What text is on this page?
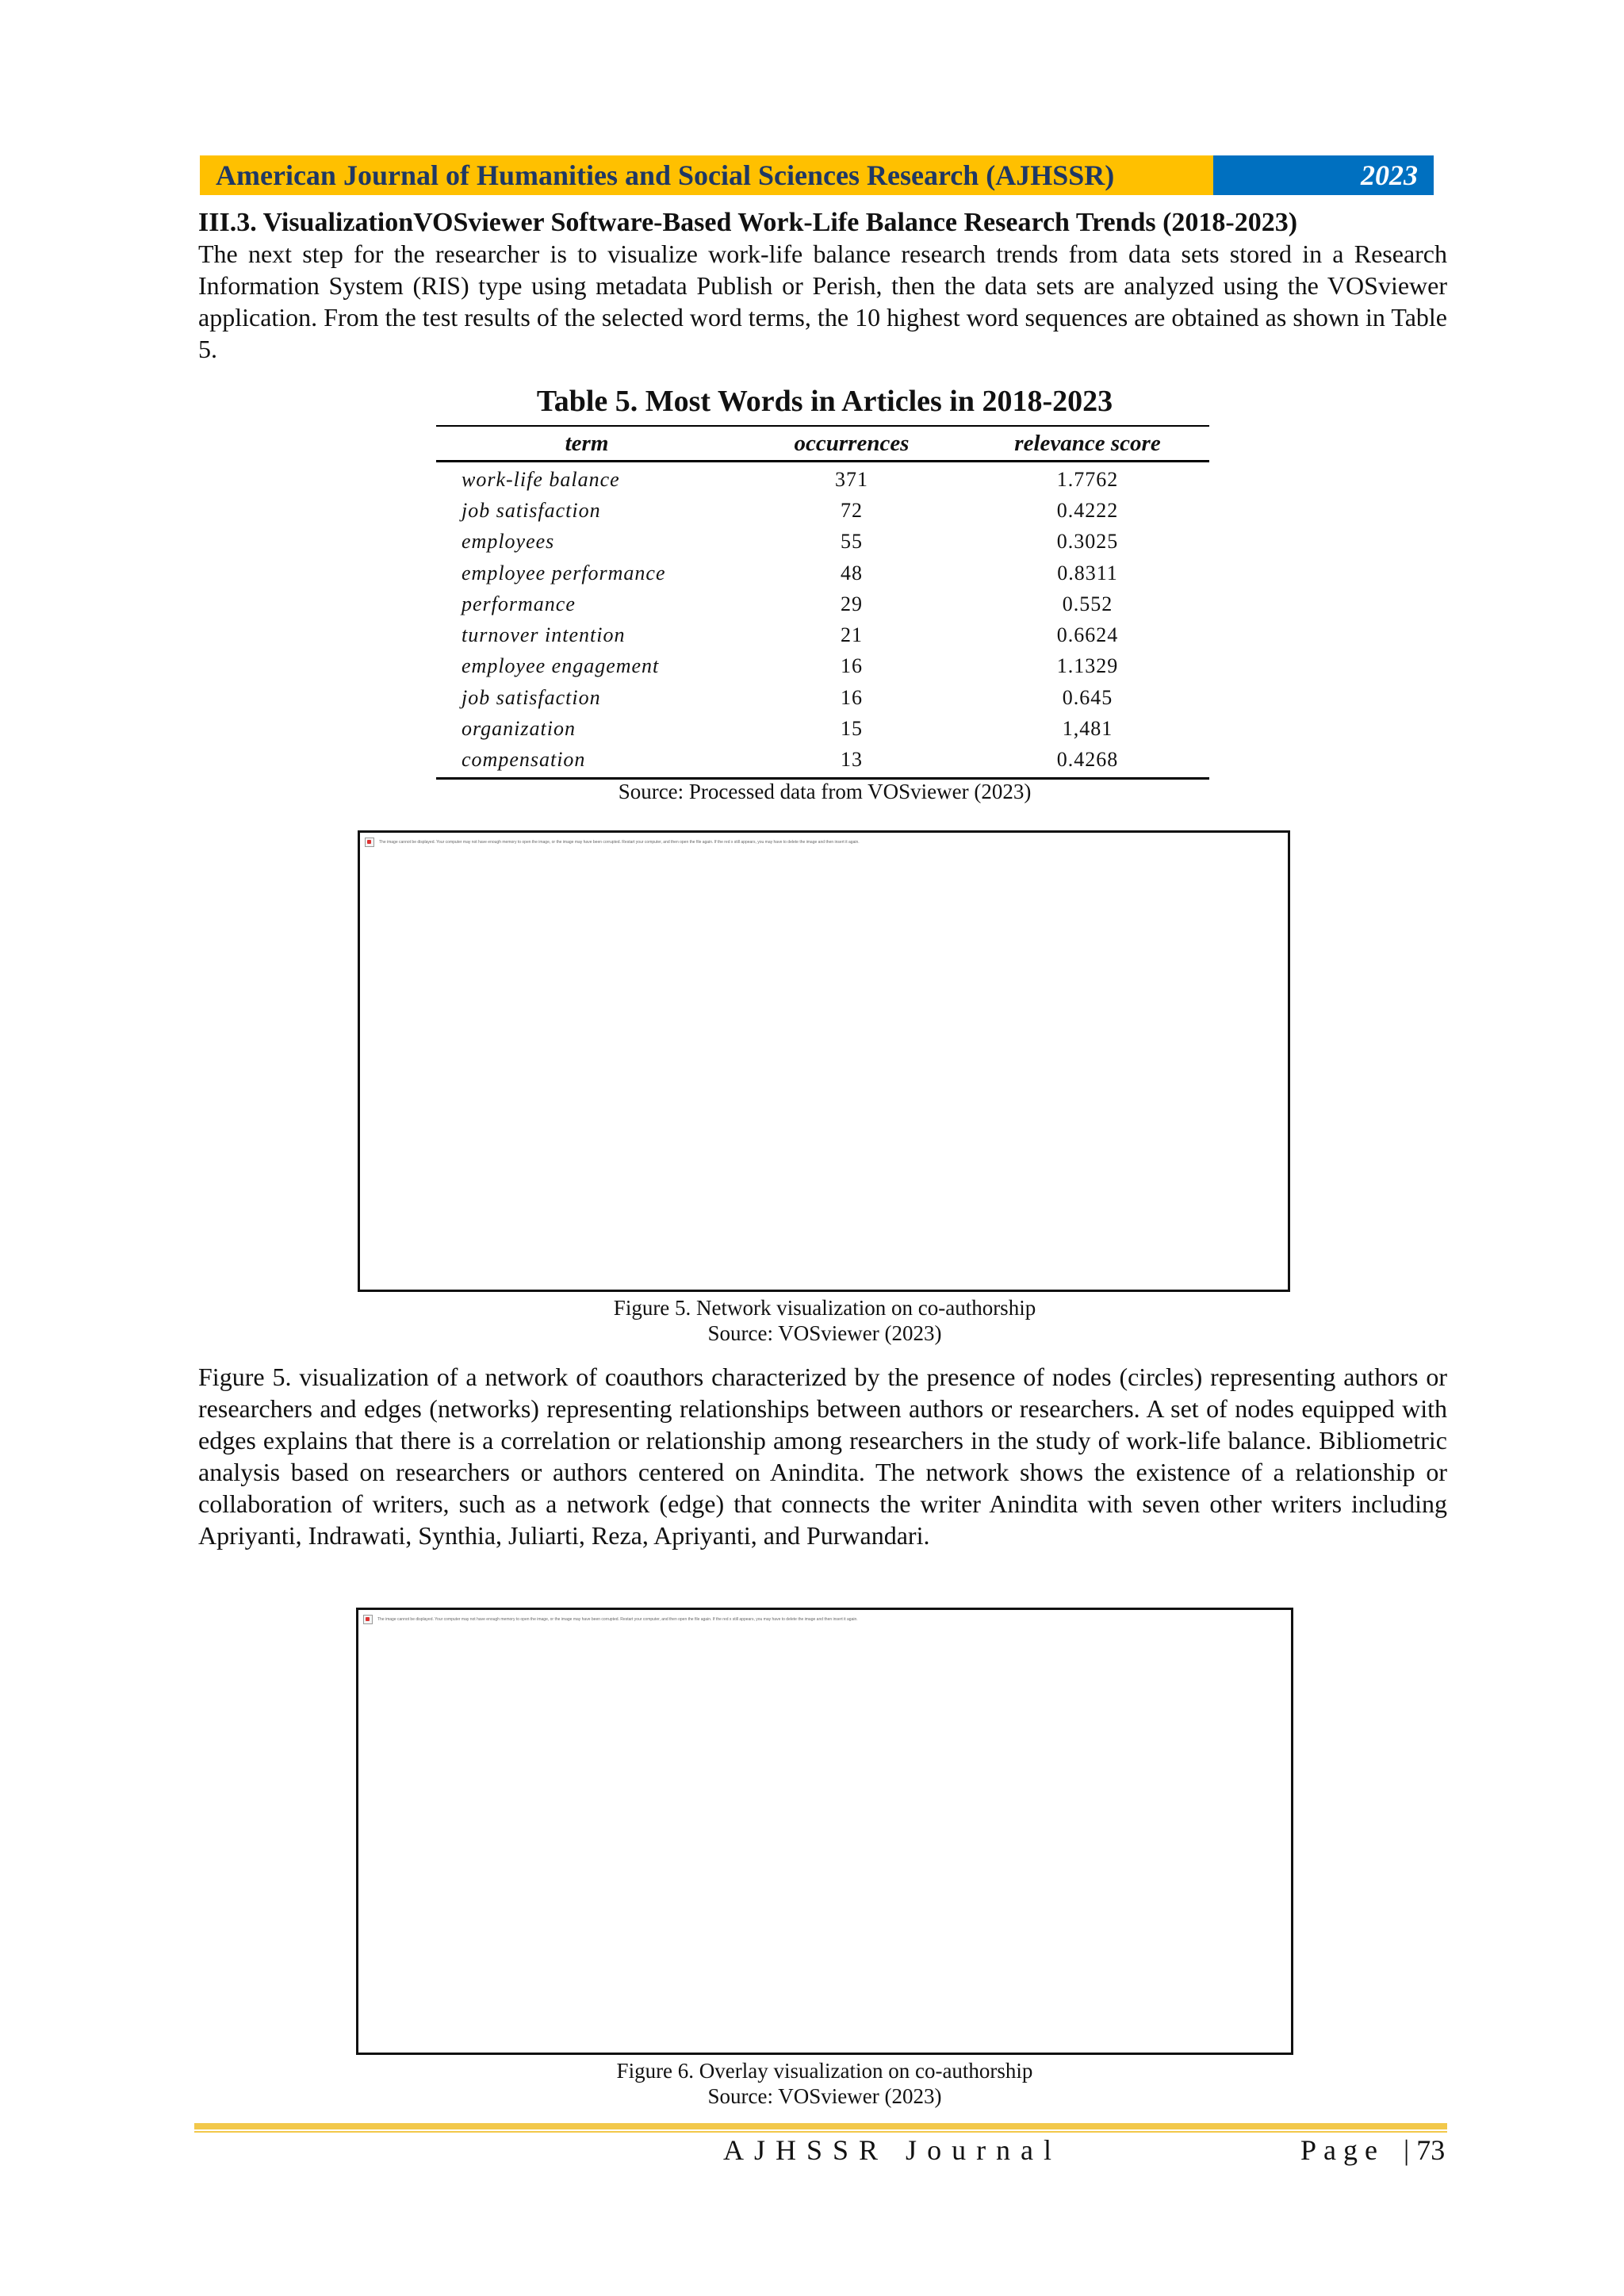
American Journal of Humanities and Social Sciences Research (AJHSSR)	2023
III.3. VisualizationVOSviewer Software-Based Work-Life Balance Research Trends (2018-2023)
The next step for the researcher is to visualize work-life balance research trends from data sets stored in a Research Information System (RIS) type using metadata Publish or Perish, then the data sets are analyzed using the VOSviewer application. From the test results of the selected word terms, the 10 highest word sequences are obtained as shown in Table 5.
Table 5. Most Words in Articles in 2018-2023
term	occurrences	relevance score
work-life balance	371	1.7762
job satisfaction	72	0.4222
employees	55	0.3025
employee performance	48	0.8311
performance	29	0.552
turnover intention	21	0.6624
employee engagement	16	1.1329
job satisfaction	16	0.645
organization	15	1,481
compensation	13	0.4268
Source: Processed data from VOSviewer (2023)
The image cannot be displayed. Your computer may not have enough memory to open the image, or the image may have been corrupted. Restart your computer, and then open the file again. If the red x still appears, you may have to delete the image and then insert it again.
Figure 5. Network visualization on co-authorship
Source: VOSviewer (2023)
Figure 5. visualization of a network of coauthors characterized by the presence of nodes (circles) representing authors or researchers and edges (networks) representing relationships between authors or researchers. A set of nodes equipped with edges explains that there is a correlation or relationship among researchers in the study of work-life balance. Bibliometric analysis based on researchers or authors centered on Anindita. The network shows the existence of a relationship or collaboration of writers, such as a network (edge) that connects the writer Anindita with seven other writers including Apriyanti, Indrawati, Synthia, Juliarti, Reza, Apriyanti, and Purwandari.
The image cannot be displayed. Your computer may not have enough memory to open the image, or the image may have been corrupted. Restart your computer, and then open the file again. If the red x still appears, you may have to delete the image and then insert it again.
Figure 6. Overlay visualization on co-authorship
Source: VOSviewer (2023)
AJHSSR Journal	Page | 73
